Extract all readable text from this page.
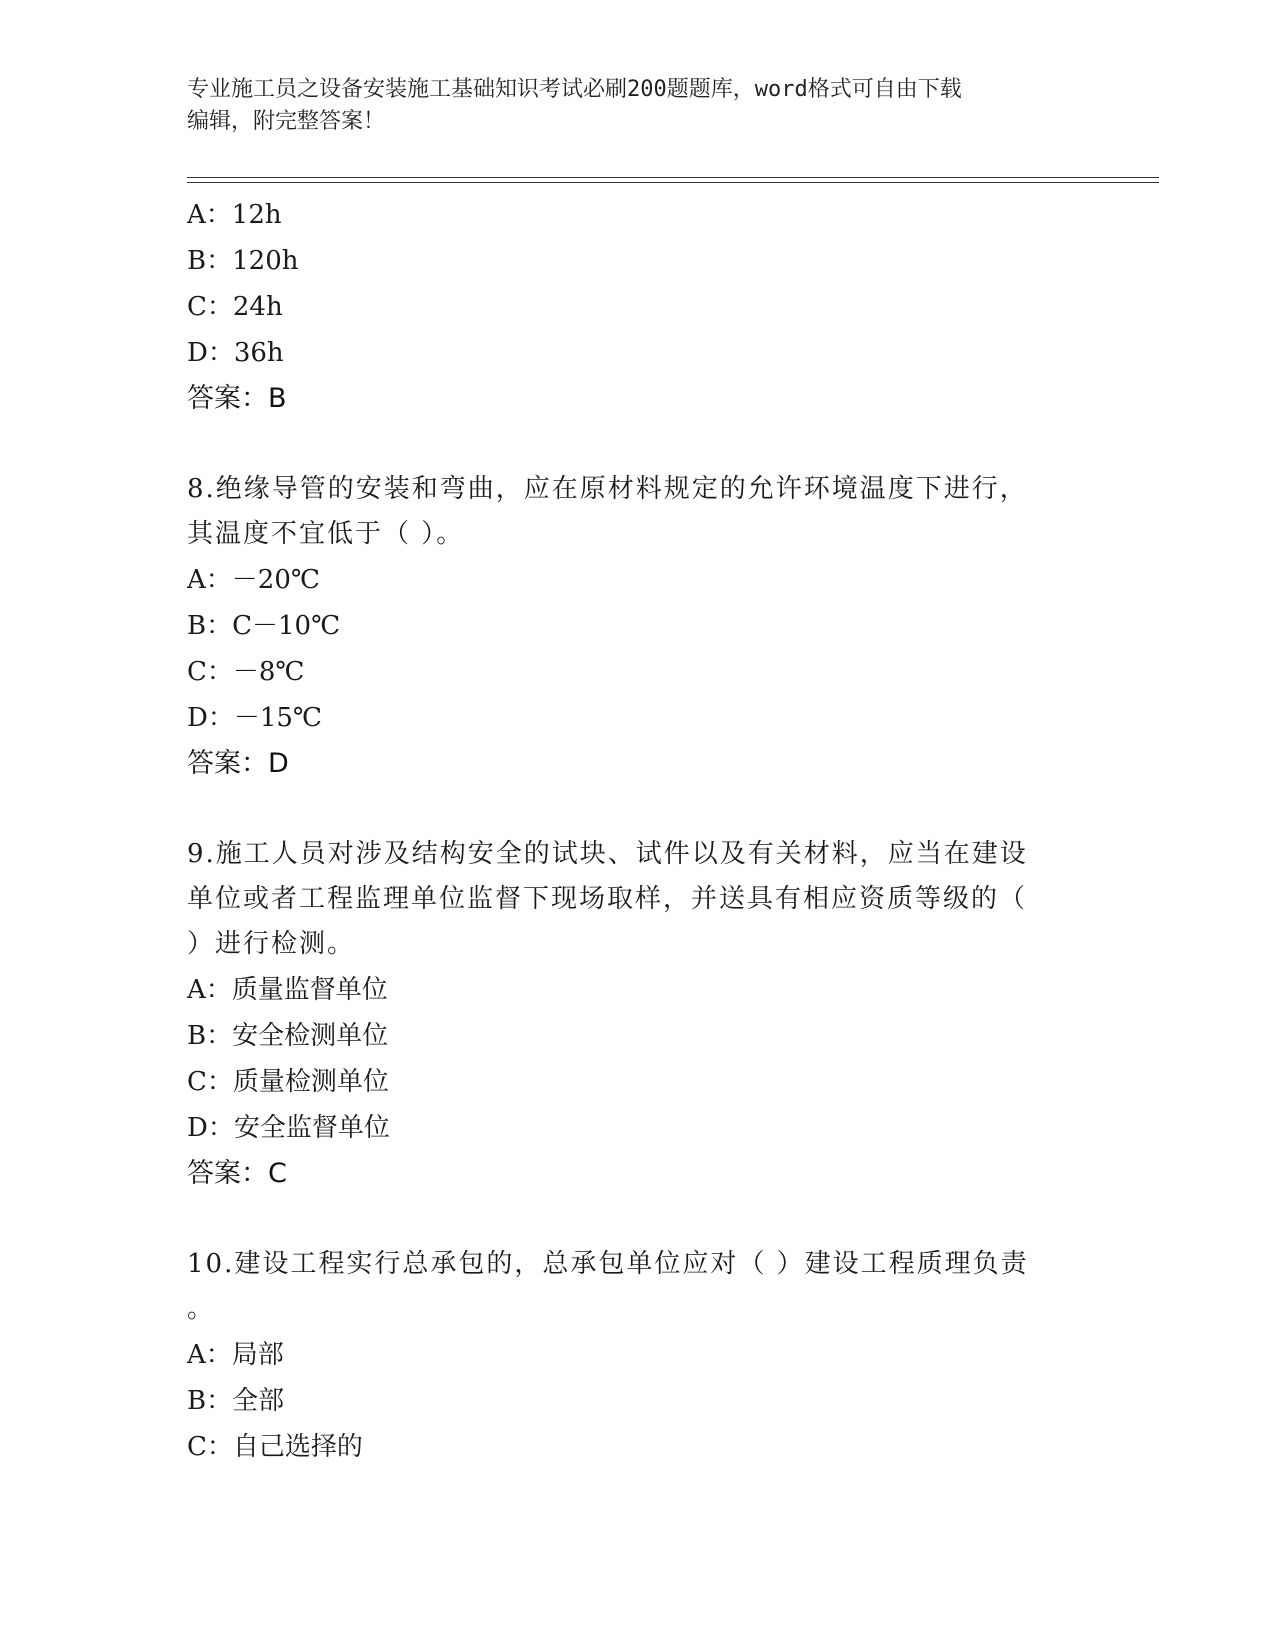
专业施工员之设备安装施工基础知识考试必刷200题题库，word格式可自由下载
编辑，附完整答案！
A：12h
B：120h
C：24h
D：36h
答案：B
8.绝缘导管的安装和弯曲，应在原材料规定的允许环境温度下进行，
其温度不宜低于（ ）。
A：－20℃
B：C－10℃
C：－8℃
D：－15℃
答案：D
9.施工人员对涉及结构安全的试块、试件以及有关材料，应当在建设
单位或者工程监理单位监督下现场取样，并送具有相应资质等级的（
）进行检测。
A：质量监督单位
B：安全检测单位
C：质量检测单位
D：安全监督单位
答案：C
10.建设工程实行总承包的，总承包单位应对（ ）建设工程质理负责
。
A：局部
B：全部
C：自己选择的
